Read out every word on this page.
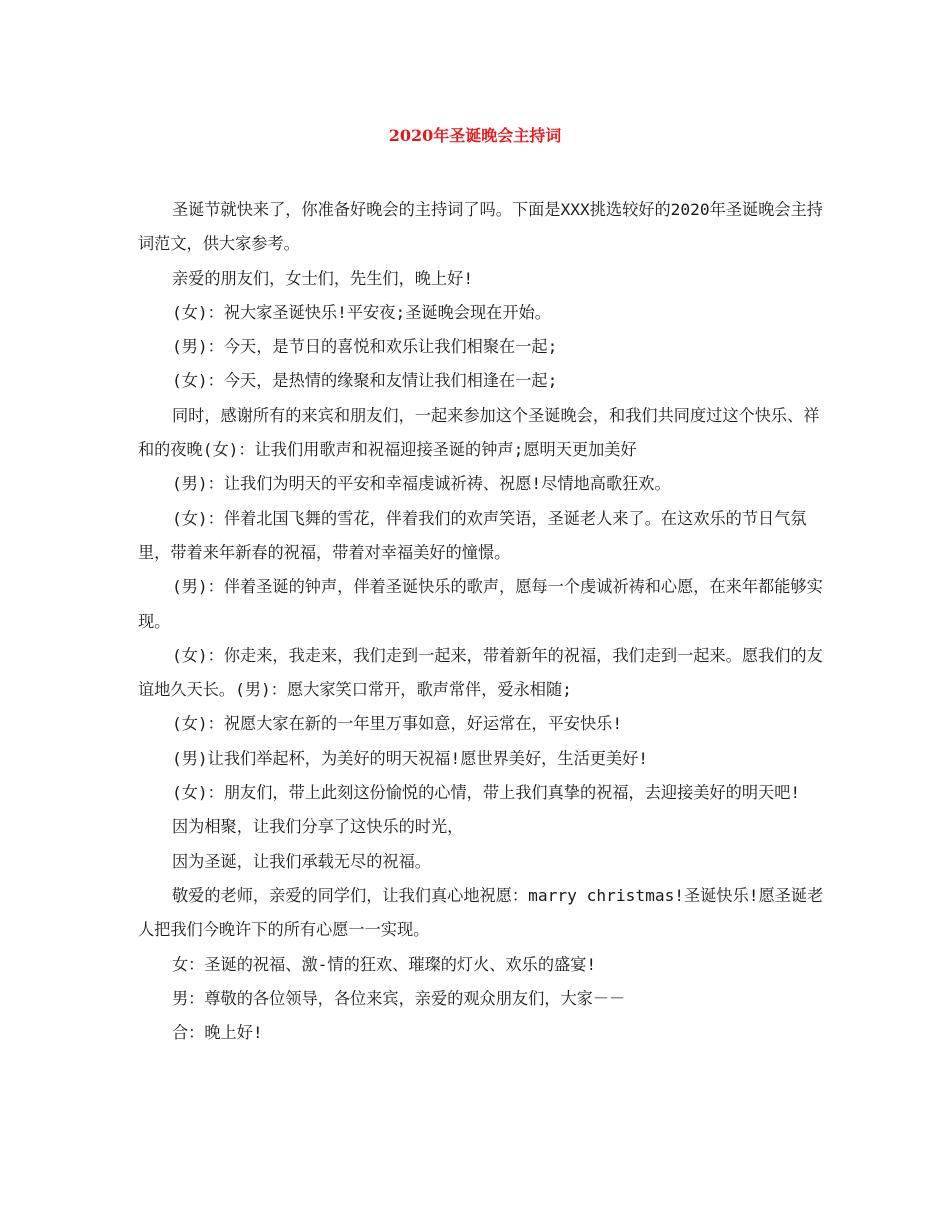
2020年圣诞晚会主持词

圣诞节就快来了，你准备好晚会的主持词了吗。下面是XXX挑选较好的2020年圣诞晚会主持词范文，供大家参考。

亲爱的朋友们，女士们，先生们，晚上好!

(女)：祝大家圣诞快乐!平安夜;圣诞晚会现在开始。

(男)：今天，是节日的喜悦和欢乐让我们相聚在一起;

(女)：今天，是热情的缘聚和友情让我们相逢在一起;

同时，感谢所有的来宾和朋友们，一起来参加这个圣诞晚会，和我们共同度过这个快乐、祥和的夜晚(女)：让我们用歌声和祝福迎接圣诞的钟声;愿明天更加美好

(男)：让我们为明天的平安和幸福虔诚祈祷、祝愿!尽情地高歌狂欢。

(女)：伴着北国飞舞的雪花，伴着我们的欢声笑语，圣诞老人来了。在这欢乐的节日气氛里，带着来年新春的祝福，带着对幸福美好的憧憬。

(男)：伴着圣诞的钟声，伴着圣诞快乐的歌声，愿每一个虔诚祈祷和心愿，在来年都能够实现。

(女)：你走来，我走来，我们走到一起来，带着新年的祝福，我们走到一起来。愿我们的友谊地久天长。(男)：愿大家笑口常开，歌声常伴，爱永相随;

(女)：祝愿大家在新的一年里万事如意，好运常在，平安快乐!

(男)让我们举起杯，为美好的明天祝福!愿世界美好，生活更美好!

(女)：朋友们，带上此刻这份愉悦的心情，带上我们真挚的祝福，去迎接美好的明天吧!

因为相聚，让我们分享了这快乐的时光，

因为圣诞，让我们承载无尽的祝福。

敬爱的老师，亲爱的同学们，让我们真心地祝愿：marry christmas!圣诞快乐!愿圣诞老人把我们今晚许下的所有心愿一一实现。

女：圣诞的祝福、激-情的狂欢、璀璨的灯火、欢乐的盛宴!

男：尊敬的各位领导，各位来宾，亲爱的观众朋友们，大家－－

合：晚上好!
